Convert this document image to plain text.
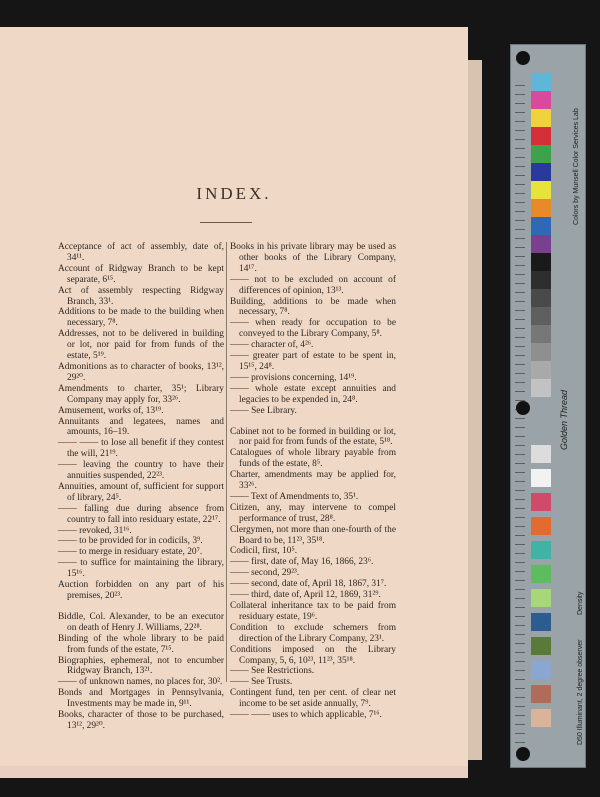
INDEX.
Acceptance of act of assembly, date of, 34¹¹.
Account of Ridgway Branch to be kept separate, 6¹⁵.
Act of assembly respecting Ridgway Branch, 33¹.
Additions to be made to the building when necessary, 7⁸.
Addresses, not to be delivered in building or lot, nor paid for from funds of the estate, 5¹⁹.
Admonitions as to character of books, 13¹², 29²⁰.
Amendments to charter, 35¹; Library Company may apply for, 33²⁶.
Amusement, works of, 13¹⁹.
Annuitants and legatees, names and amounts, 16–19.
—— —— to lose all benefit if they contest the will, 21¹⁹.
—— leaving the country to have their annuities suspended, 22²³.
Annuities, amount of, sufficient for support of library, 24⁵.
—— falling due during absence from country to fall into residuary estate, 22¹⁷.
—— revoked, 31¹⁶.
—— to be provided for in codicils, 3⁹.
—— to merge in residuary estate, 20⁷.
—— to suffice for maintaining the library, 15¹⁶.
Auction forbidden on any part of his premises, 20²³.
Biddle, Col. Alexander, to be an executor on death of Henry J. Williams, 22²⁸.
Binding of the whole library to be paid from funds of the estate, 7¹⁵.
Biographies, ephemeral, not to encumber Ridgway Branch, 13²¹.
—— of unknown names, no places for, 30².
Bonds and Mortgages in Pennsylvania, Investments may be made in, 9¹¹.
Books, character of those to be purchased, 13¹², 29²⁰.
Books in his private library may be used as other books of the Library Company, 14¹⁷.
—— not to be excluded on account of differences of opinion, 13¹³.
Building, additions to be made when necessary, 7⁸.
—— when ready for occupation to be conveyed to the Library Company, 5⁸.
—— character of, 4²⁶.
—— greater part of estate to be spent in, 15¹⁵, 24⁸.
—— provisions concerning, 14¹⁹.
—— whole estate except annuities and legacies to be expended in, 24⁸.
—— See Library.
Cabinet not to be formed in building or lot, nor paid for from funds of the estate, 5¹⁸.
Catalogues of whole library payable from funds of the estate, 8⁵.
Charter, amendments may be applied for, 33²⁶.
—— Text of Amendments to, 35¹.
Citizen, any, may intervene to compel performance of trust, 28⁸.
Clergymen, not more than one-fourth of the Board to be, 11²³, 35¹⁸.
Codicil, first, 10⁵.
—— first, date of, May 16, 1866, 23⁶.
—— second, 29²³.
—— second, date of, April 18, 1867, 31⁷.
—— third, date of, April 12, 1869, 31²⁹.
Collateral inheritance tax to be paid from residuary estate, 19⁶.
Condition to exclude schemers from direction of the Library Company, 23¹.
Conditions imposed on the Library Company, 5, 6, 10²³, 11²³, 35¹⁸.
—— See Restrictions.
—— See Trusts.
Contingent fund, ten per cent. of clear net income to be set aside annually, 7⁹.
—— —— uses to which applicable, 7¹⁶.
Colors by Munsell Color Services Lab
D50 Illuminant, 2 degree observer
Density
Golden Thread
